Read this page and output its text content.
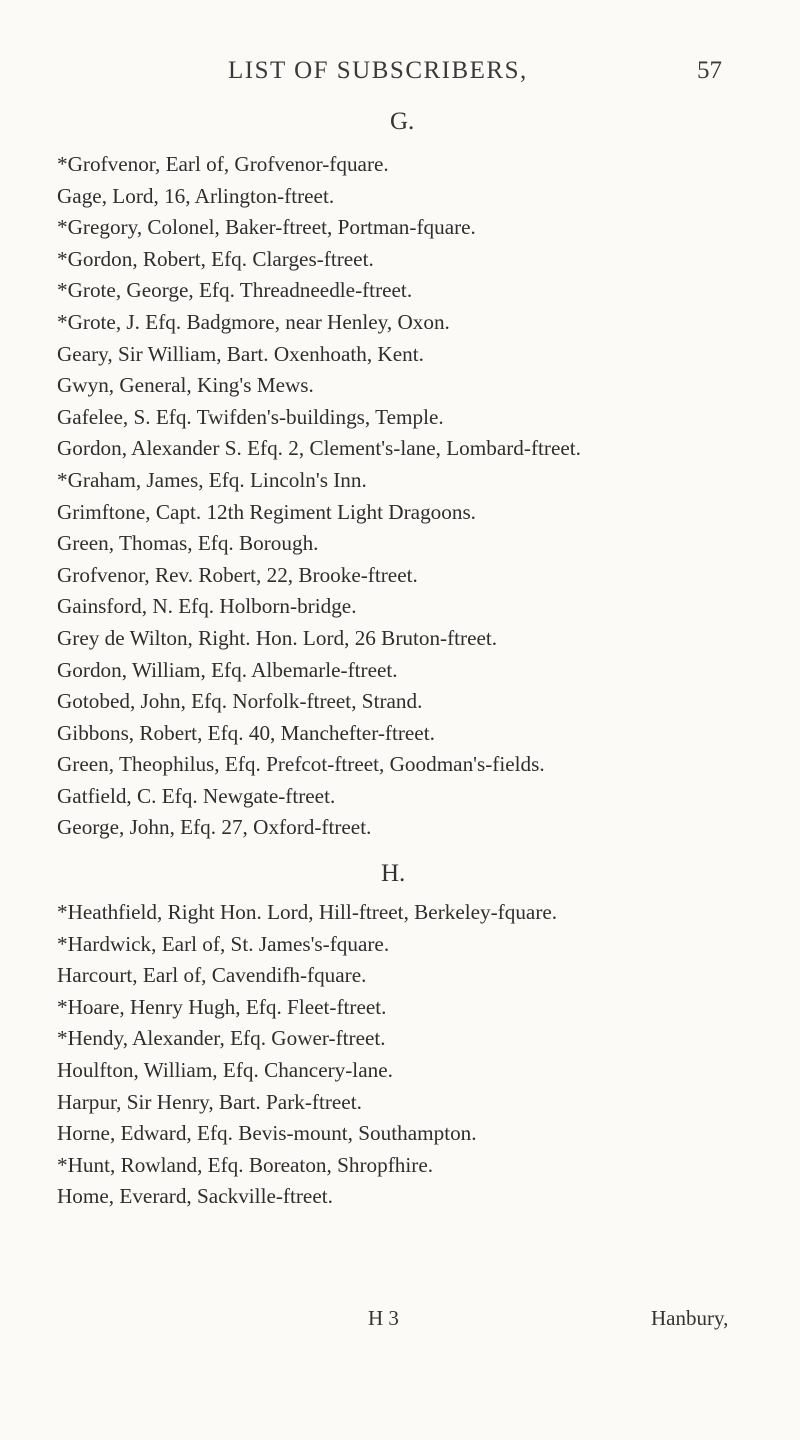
LIST OF SUBSCRIBERS,	57
G.
*Grofvenor, Earl of, Grofvenor-fquare.
Gage, Lord, 16, Arlington-ftreet.
*Gregory, Colonel, Baker-ftreet, Portman-fquare.
*Gordon, Robert, Efq. Clarges-ftreet.
*Grote, George, Efq. Threadneedle-ftreet.
*Grote, J. Efq. Badgmore, near Henley, Oxon.
Geary, Sir William, Bart. Oxenhoath, Kent.
Gwyn, General, King's Mews.
Gafelee, S. Efq. Twifden's-buildings, Temple.
Gordon, Alexander S. Efq. 2, Clement's-lane, Lombard-ftreet.
*Graham, James, Efq. Lincoln's Inn.
Grimftone, Capt. 12th Regiment Light Dragoons.
Green, Thomas, Efq. Borough.
Grofvenor, Rev. Robert, 22, Brooke-ftreet.
Gainsford, N. Efq. Holborn-bridge.
Grey de Wilton, Right. Hon. Lord, 26 Bruton-ftreet.
Gordon, William, Efq. Albemarle-ftreet.
Gotobed, John, Efq. Norfolk-ftreet, Strand.
Gibbons, Robert, Efq. 40, Manchefter-ftreet.
Green, Theophilus, Efq. Prefcot-ftreet, Goodman's-fields.
Gatfield, C. Efq. Newgate-ftreet.
George, John, Efq. 27, Oxford-ftreet.
H.
*Heathfield, Right Hon. Lord, Hill-ftreet, Berkeley-fquare.
*Hardwick, Earl of, St. James's-fquare.
Harcourt, Earl of, Cavendifh-fquare.
*Hoare, Henry Hugh, Efq. Fleet-ftreet.
*Hendy, Alexander, Efq. Gower-ftreet.
Houlfton, William, Efq. Chancery-lane.
Harpur, Sir Henry, Bart. Park-ftreet.
Horne, Edward, Efq. Bevis-mount, Southampton.
*Hunt, Rowland, Efq. Boreaton, Shropfhire.
Home, Everard, Sackville-ftreet.
H 3	Hanbury,
